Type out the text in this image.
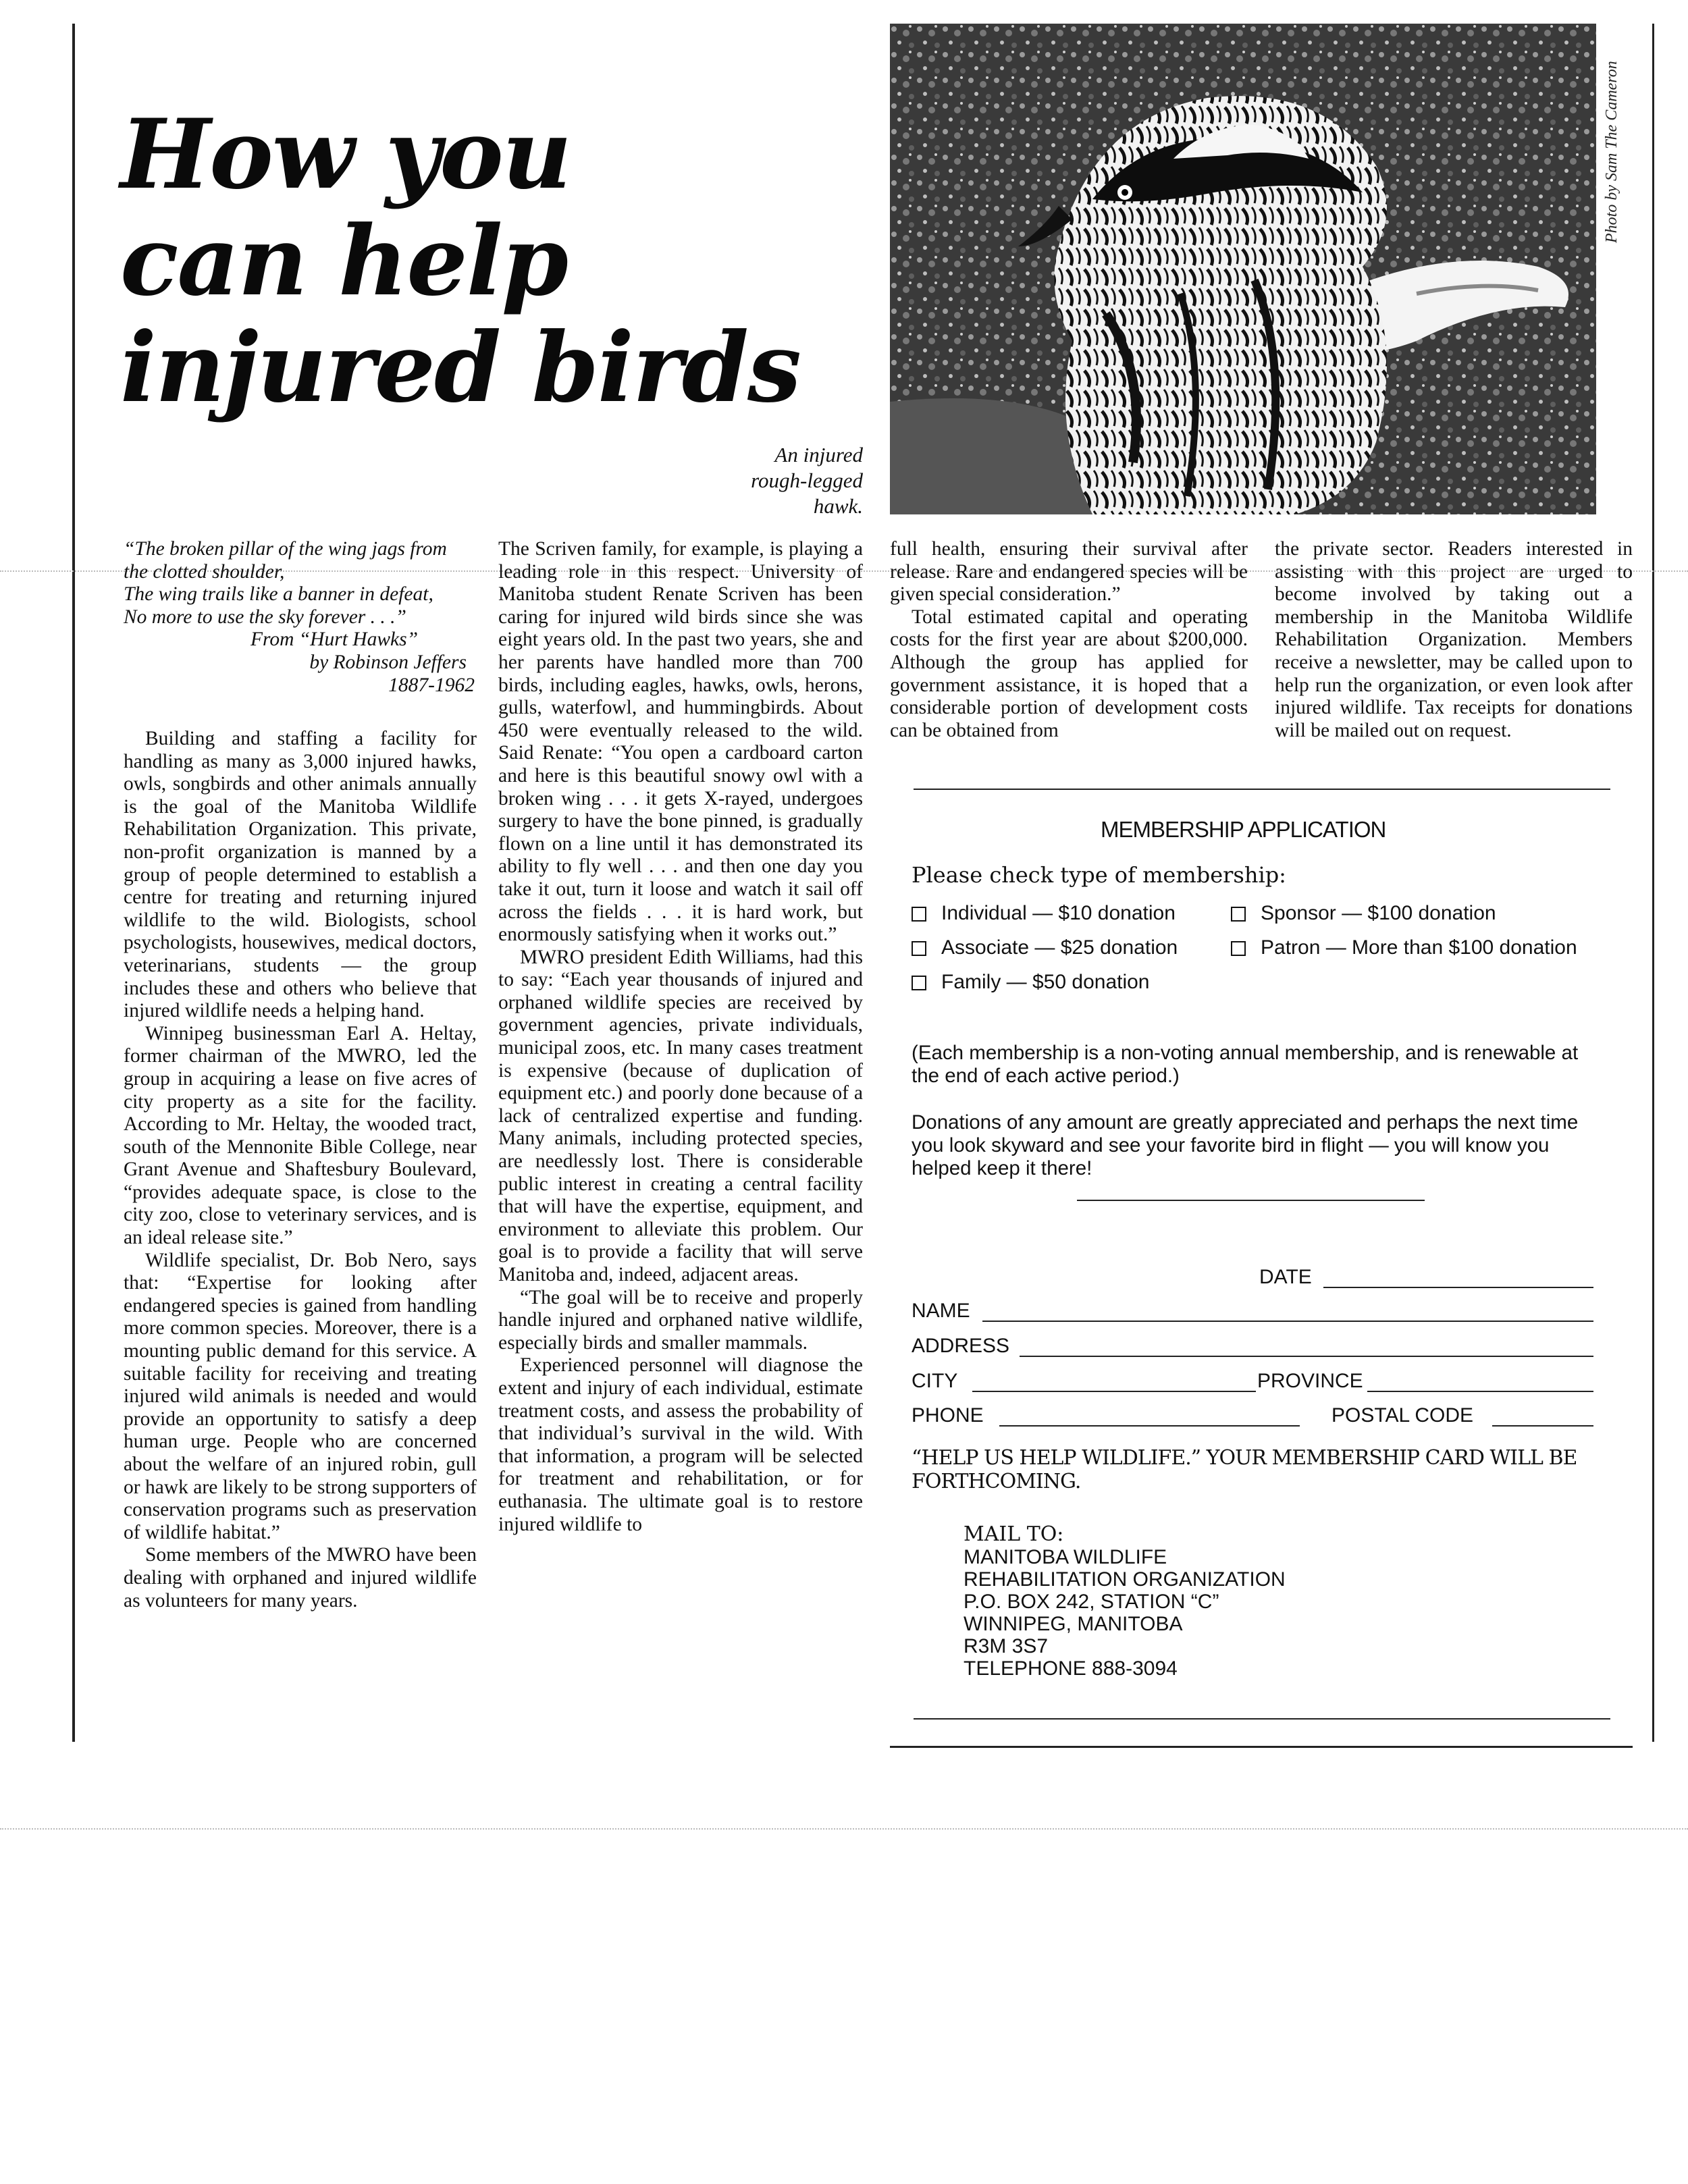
How you
can help
injured birds
Photo by Sam The Cameron
An injured
rough-legged
hawk.
“The broken pillar of the wing jags from
the clotted shoulder,
The wing trails like a banner in defeat,
No more to use the sky forever . . .”
From “Hurt Hawks”
by Robinson Jeffers
1887-1962

Building and staffing a facility for handling as many as 3,000 injured hawks, owls, songbirds and other animals annually is the goal of the Manitoba Wildlife Rehabilitation Organization. This private, non-profit organization is manned by a group of people determined to establish a centre for treating and returning injured wildlife to the wild. Biologists, school psychologists, housewives, medical doctors, veterinarians, students — the group includes these and others who believe that injured wildlife needs a helping hand.

Winnipeg businessman Earl A. Heltay, former chairman of the MWRO, led the group in acquiring a lease on five acres of city property as a site for the facility. According to Mr. Heltay, the wooded tract, south of the Mennonite Bible College, near Grant Avenue and Shaftesbury Boulevard, “provides adequate space, is close to the city zoo, close to veterinary services, and is an ideal release site.”

Wildlife specialist, Dr. Bob Nero, says that: “Expertise for looking after endangered species is gained from handling more common species. Moreover, there is a mounting public demand for this service. A suitable facility for receiving and treating injured wild animals is needed and would provide an opportunity to satisfy a deep human urge. People who are concerned about the welfare of an injured robin, gull or hawk are likely to be strong supporters of conservation programs such as preservation of wildlife habitat.”

Some members of the MWRO have been dealing with orphaned and injured wildlife as volunteers for many years.

The Scriven family, for example, is playing a leading role in this respect. University of Manitoba student Renate Scriven has been caring for injured wild birds since she was eight years old. In the past two years, she and her parents have handled more than 700 birds, including eagles, hawks, owls, herons, gulls, waterfowl, and hummingbirds. About 450 were eventually released to the wild. Said Renate: “You open a cardboard carton and here is this beautiful snowy owl with a broken wing . . . it gets X-rayed, undergoes surgery to have the bone pinned, is gradually flown on a line until it has demonstrated its ability to fly well . . . and then one day you take it out, turn it loose and watch it sail off across the fields . . . it is hard work, but enormously satisfying when it works out.”

MWRO president Edith Williams, had this to say: “Each year thousands of injured and orphaned wildlife species are received by government agencies, private individuals, municipal zoos, etc. In many cases treatment is expensive (because of duplication of equipment etc.) and poorly done because of a lack of centralized expertise and funding. Many animals, including protected species, are needlessly lost. There is considerable public interest in creating a central facility that will have the expertise, equipment, and environment to alleviate this problem. Our goal is to provide a facility that will serve Manitoba and, indeed, adjacent areas.

“The goal will be to receive and properly handle injured and orphaned native wildlife, especially birds and smaller mammals.

Experienced personnel will diagnose the extent and injury of each individual, estimate treatment costs, and assess the probability of that individual’s survival in the wild. With that information, a program will be selected for treatment and rehabilitation, or for euthanasia. The ultimate goal is to restore injured wildlife to

full health, ensuring their survival after release. Rare and endangered species will be given special consideration.”

Total estimated capital and operating costs for the first year are about $200,000. Although the group has applied for government assistance, it is hoped that a considerable portion of development costs can be obtained from

the private sector. Readers interested in assisting with this project are urged to become involved by taking out a membership in the Manitoba Wildlife Rehabilitation Organization. Members receive a newsletter, may be called upon to help run the organization, or even look after injured wildlife. Tax receipts for donations will be mailed out on request.

MEMBERSHIP APPLICATION
Please check type of membership:
Individual — $10 donation
Associate — $25 donation
Family — $50 donation
Sponsor — $100 donation
Patron — More than $100 donation
(Each membership is a non-voting annual membership, and is renewable at the end of each active period.)
Donations of any amount are greatly appreciated and perhaps the next time you look skyward and see your favorite bird in flight — you will know you helped keep it there!
DATE
NAME
ADDRESS
CITY	PROVINCE
PHONE	POSTAL CODE
“HELP US HELP WILDLIFE.” YOUR MEMBERSHIP CARD WILL BE FORTHCOMING.
MAIL TO:
MANITOBA WILDLIFE
REHABILITATION ORGANIZATION
P.O. BOX 242, STATION “C”
WINNIPEG, MANITOBA
R3M 3S7
TELEPHONE 888-3094
